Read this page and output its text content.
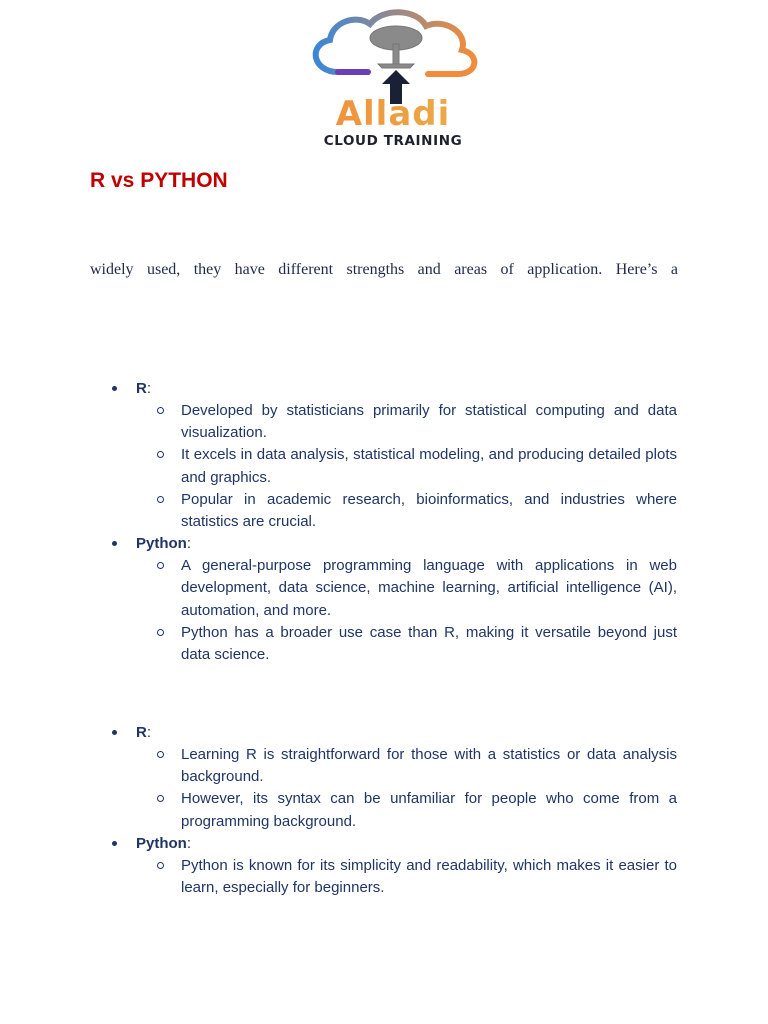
Alladi
CLOUD TRAINING
R vs PYTHON

widely used, they have different strengths and areas of application. Here’s a

R:
Developed by statisticians primarily for statistical computing and data visualization.
It excels in data analysis, statistical modeling, and producing detailed plots and graphics.
Popular in academic research, bioinformatics, and industries where statistics are crucial.
Python:
A general-purpose programming language with applications in web development, data science, machine learning, artificial intelligence (AI), automation, and more.
Python has a broader use case than R, making it versatile beyond just data science.
R:
Learning R is straightforward for those with a statistics or data analysis background.
However, its syntax can be unfamiliar for people who come from a programming background.
Python:
Python is known for its simplicity and readability, which makes it easier to learn, especially for beginners.
